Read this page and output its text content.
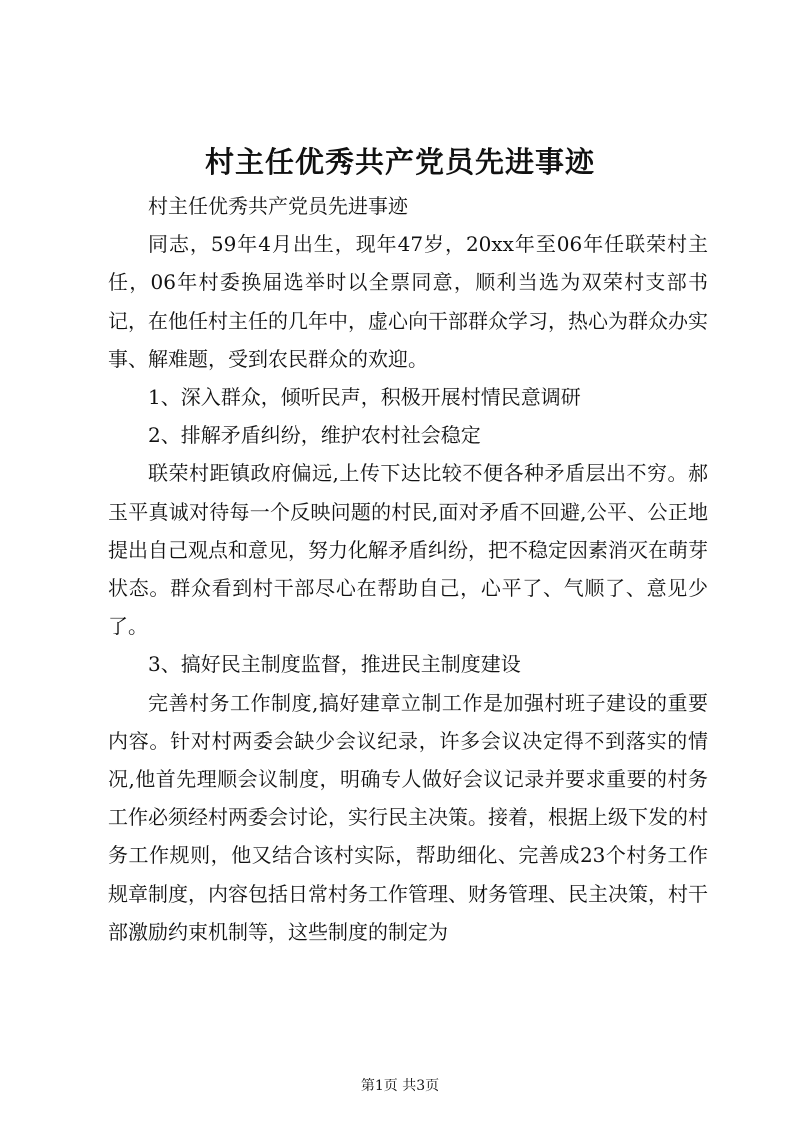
村主任优秀共产党员先进事迹

村主任优秀共产党员先进事迹

同志，59年4月出生，现年47岁，20xx年至06年任联荣村主任，06年村委换届选举时以全票同意，顺利当选为双荣村支部书记，在他任村主任的几年中，虚心向干部群众学习，热心为群众办实事、解难题，受到农民群众的欢迎。

1、深入群众，倾听民声，积极开展村情民意调研

2、排解矛盾纠纷，维护农村社会稳定

联荣村距镇政府偏远,上传下达比较不便各种矛盾层出不穷。郝玉平真诚对待每一个反映问题的村民,面对矛盾不回避,公平、公正地提出自己观点和意见，努力化解矛盾纠纷，把不稳定因素消灭在萌芽状态。群众看到村干部尽心在帮助自己，心平了、气顺了、意见少了。

3、搞好民主制度监督，推进民主制度建设

完善村务工作制度,搞好建章立制工作是加强村班子建设的重要内容。针对村两委会缺少会议纪录，许多会议决定得不到落实的情况,他首先理顺会议制度，明确专人做好会议记录并要求重要的村务工作必须经村两委会讨论，实行民主决策。接着，根据上级下发的村务工作规则，他又结合该村实际，帮助细化、完善成23个村务工作规章制度，内容包括日常村务工作管理、财务管理、民主决策，村干部激励约束机制等，这些制度的制定为

第1页 共3页
